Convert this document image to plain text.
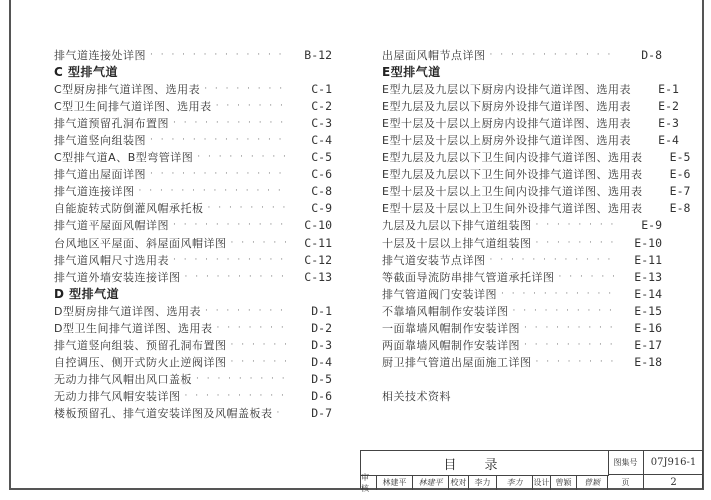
排气道连接处详图 · · ·	B-12
C 型排气道
C型厨房排气道详图、选用表 · · ·	C-1
C型卫生间排气道详图、选用表 · · ·	C-2
排气道预留孔洞布置图 · · ·	C-3
排气道竖向组装图 · · ·	C-4
C型排气道A、B型弯管详图 · · ·	C-5
排气道出屋面详图 · · ·	C-6
排气道连接详图 · · ·	C-8
自能旋转式防倒灌风帽承托板 · · ·	C-9
排气道平屋面风帽详图 · · ·	C-10
台风地区平屋面、斜屋面风帽详图 · · ·	C-11
排气道风帽尺寸选用表 · · ·	C-12
排气道外墙安装连接详图 · · ·	C-13
D 型排气道
D型厨房排气道详图、选用表 · · ·	D-1
D型卫生间排气道详图、选用表 · · ·	D-2
排气道竖向组装、预留孔洞布置图 · · ·	D-3
自控调压、侧开式防火止逆阀详图 · · ·	D-4
无动力排气风帽出风口盖板 · · ·	D-5
无动力排气风帽安装详图 · · ·	D-6
楼板预留孔、排气道安装详图及风帽盖板表 · · ·	D-7
出屋面风帽节点详图 · · ·	D-8
E型排气道
E型九层及九层以下厨房内设排气道详图、选用表	E-1
E型九层及九层以下厨房外设排气道详图、选用表	E-2
E型十层及十层以上厨房内设排气道详图、选用表	E-3
E型十层及十层以上厨房外设排气道详图、选用表	E-4
E型九层及九层以下卫生间内设排气道详图、选用表	E-5
E型九层及九层以下卫生间外设排气道详图、选用表	E-6
E型十层及十层以上卫生间内设排气道详图、选用表	E-7
E型十层及十层以上卫生间外设排气道详图、选用表	E-8
九层及九层以下排气道组装图 · · ·	E-9
十层及十层以上排气道组装图 · · ·	E-10
排气道安装节点详图 · · ·	E-11
等截面导流防串排气管道承托详图 · · ·	E-13
排气管道阀门安装详图 · · ·	E-14
不靠墙风帽制作安装详图 · · ·	E-15
一面靠墙风帽制作安装详图 · · ·	E-16
两面靠墙风帽制作安装详图 · · ·	E-17
厨卫排气管道出屋面施工详图 · · ·	E-18
相关技术资料
目录	图集号	07J916-1
审核
林建平	林建平	校对	李力	李力	设计 曾颖	曾颖	页	2
